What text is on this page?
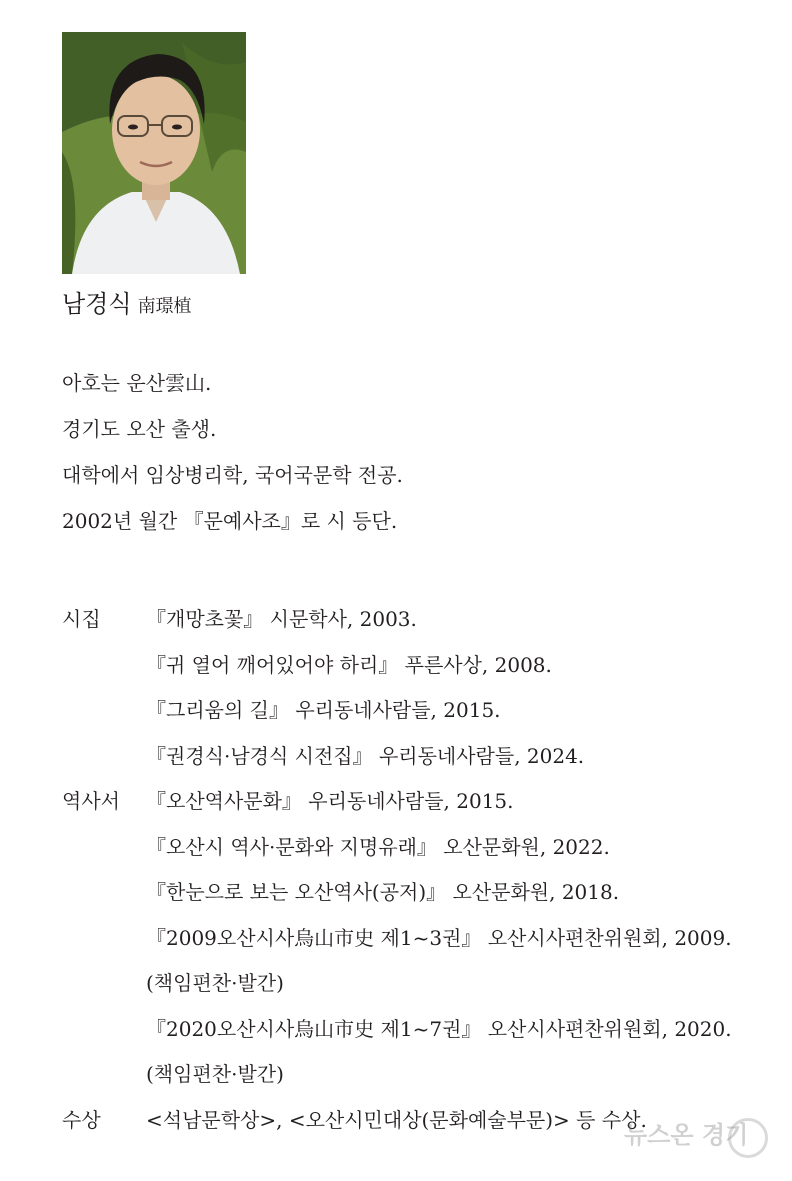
남경식 南璟植

아호는 운산雲山.

경기도 오산 출생.

대학에서 임상병리학, 국어국문학 전공.

2002년 월간 『문예사조』로 시 등단.

시집	『개망초꽃』 시문학사, 2003.
『귀 열어 깨어있어야 하리』 푸른사상, 2008.
『그리움의 길』 우리동네사람들, 2015.
『권경식·남경식 시전집』 우리동네사람들, 2024.
역사서	『오산역사문화』 우리동네사람들, 2015.
『오산시 역사·문화와 지명유래』 오산문화원, 2022.
『한눈으로 보는 오산역사(공저)』 오산문화원, 2018.
『2009오산시사烏山市史 제1~3권』 오산시사편찬위원회, 2009.
(책임편찬·발간)
『2020오산시사烏山市史 제1~7권』 오산시사편찬위원회, 2020.
(책임편찬·발간)
수상	<석남문학상>, <오산시민대상(문화예술부문)> 등 수상.
뉴스온 경기
